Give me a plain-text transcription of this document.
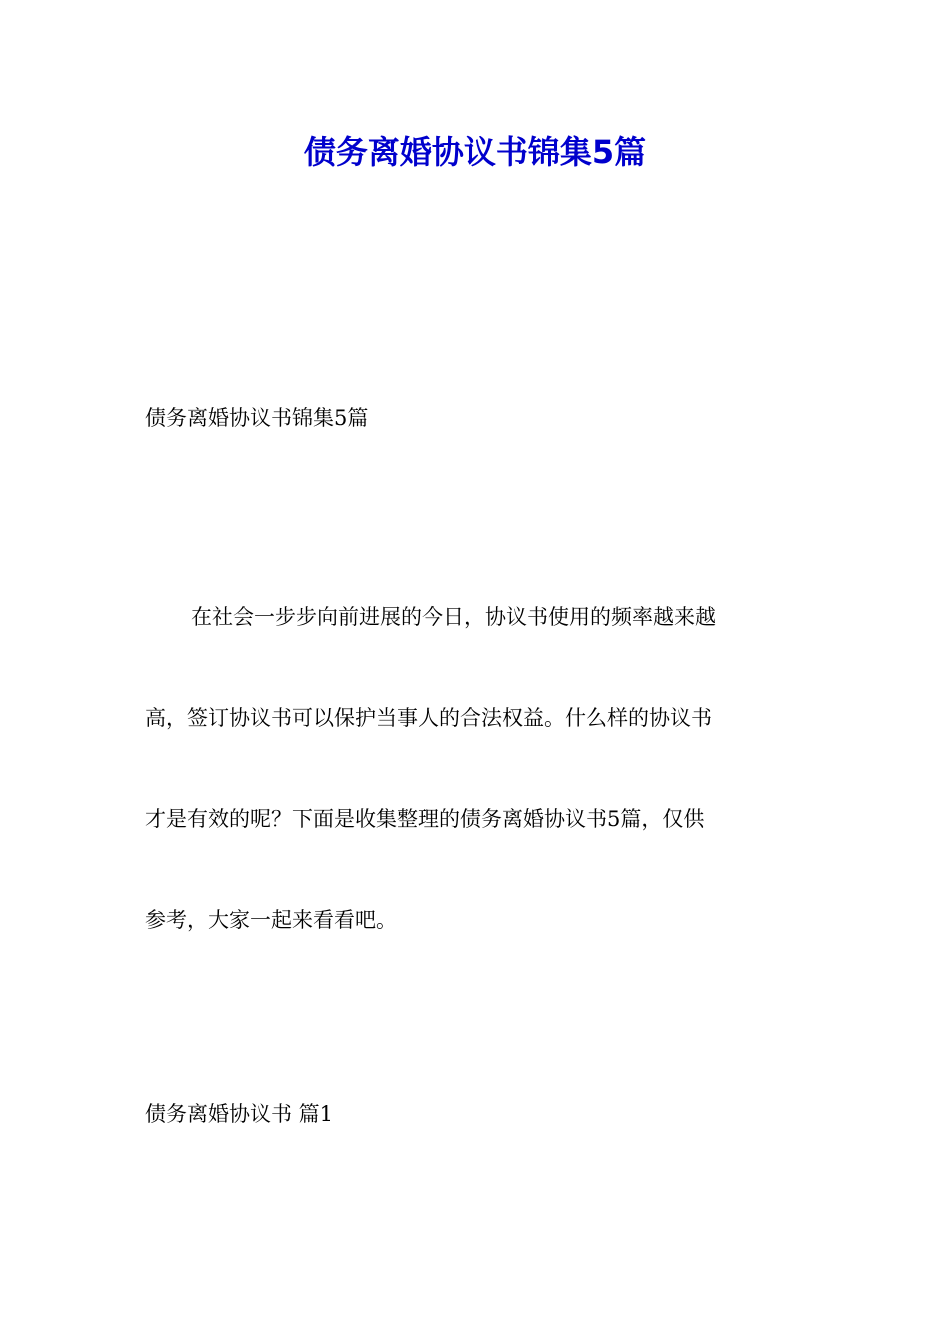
债务离婚协议书锦集5篇

债务离婚协议书锦集5篇

在社会一步步向前进展的今日，协议书使用的频率越来越
高，签订协议书可以保护当事人的合法权益。什么样的协议书
才是有效的呢？下面是收集整理的债务离婚协议书5篇，仅供
参考，大家一起来看看吧。

债务离婚协议书 篇1
